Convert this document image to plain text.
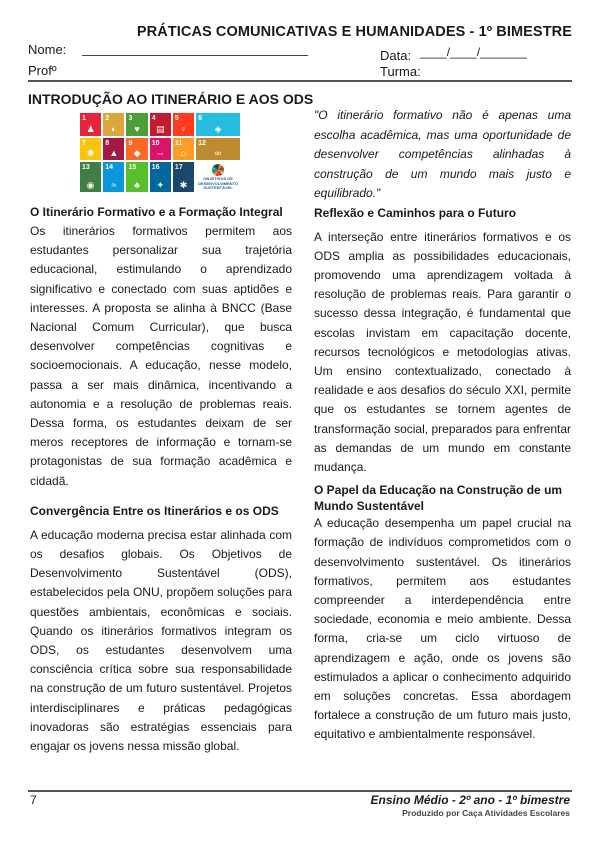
PRÁTICAS COMUNICATIVAS E HUMANIDADES - 1º BIMESTRE
Nome:
Profº
Data: ____/____/_______
Turma:
INTRODUÇÃO AO ITINERÁRIO E AOS ODS
1
♟
2
◐
3
♥
4
▤
5
♀
6
◈
7
✺
8
▲
9
◆
10
⇔
11
⌂
12
∞
13
◉
14
≈
15
♣
16
✦
17
✱
OBJETIVOS DE DESENVOLVIMENTO SUSTENTÁVEL
O Itinerário Formativo e a Formação Integral
Os itinerários formativos permitem aos estudantes personalizar sua trajetória educacional, estimulando o aprendizado significativo e conectado com suas aptidões e interesses. A proposta se alinha à BNCC (Base Nacional Comum Curricular), que busca desenvolver competências cognitivas e socioemocionais. A educação, nesse modelo, passa a ser mais dinâmica, incentivando a autonomia e a resolução de problemas reais. Dessa forma, os estudantes deixam de ser meros receptores de informação e tornam-se protagonistas de sua formação acadêmica e cidadã.
Convergência Entre os Itinerários e os ODS
A educação moderna precisa estar alinhada com os desafios globais. Os Objetivos de Desenvolvimento Sustentável (ODS), estabelecidos pela ONU, propõem soluções para questões ambientais, econômicas e sociais. Quando os itinerários formativos integram os ODS, os estudantes desenvolvem uma consciência crítica sobre sua responsabilidade na construção de um futuro sustentável. Projetos interdisciplinares e práticas pedagógicas inovadoras são estratégias essenciais para engajar os jovens nessa missão global.
"O itinerário formativo não é apenas uma escolha acadêmica, mas uma oportunidade de desenvolver competências alinhadas à construção de um mundo mais justo e equilibrado."
Reflexão e Caminhos para o Futuro
A interseção entre itinerários formativos e os ODS amplia as possibilidades educacionais, promovendo uma aprendizagem voltada à resolução de problemas reais. Para garantir o sucesso dessa integração, é fundamental que escolas invistam em capacitação docente, recursos tecnológicos e metodologias ativas. Um ensino contextualizado, conectado à realidade e aos desafios do século XXI, permite que os estudantes se tornem agentes de transformação social, preparados para enfrentar as demandas de um mundo em constante mudança.
O Papel da Educação na Construção de um Mundo Sustentável
A educação desempenha um papel crucial na formação de indivíduos comprometidos com o desenvolvimento sustentável. Os itinerários formativos, permitem aos estudantes compreender a interdependência entre sociedade, economia e meio ambiente. Dessa forma, cria-se um ciclo virtuoso de aprendizagem e ação, onde os jovens são estimulados a aplicar o conhecimento adquirido em soluções concretas. Essa abordagem fortalece a construção de um futuro mais justo, equitativo e ambientalmente responsável.
7	Ensino Médio - 2º ano - 1º bimestre
Produzido por Caça Atividades Escolares
